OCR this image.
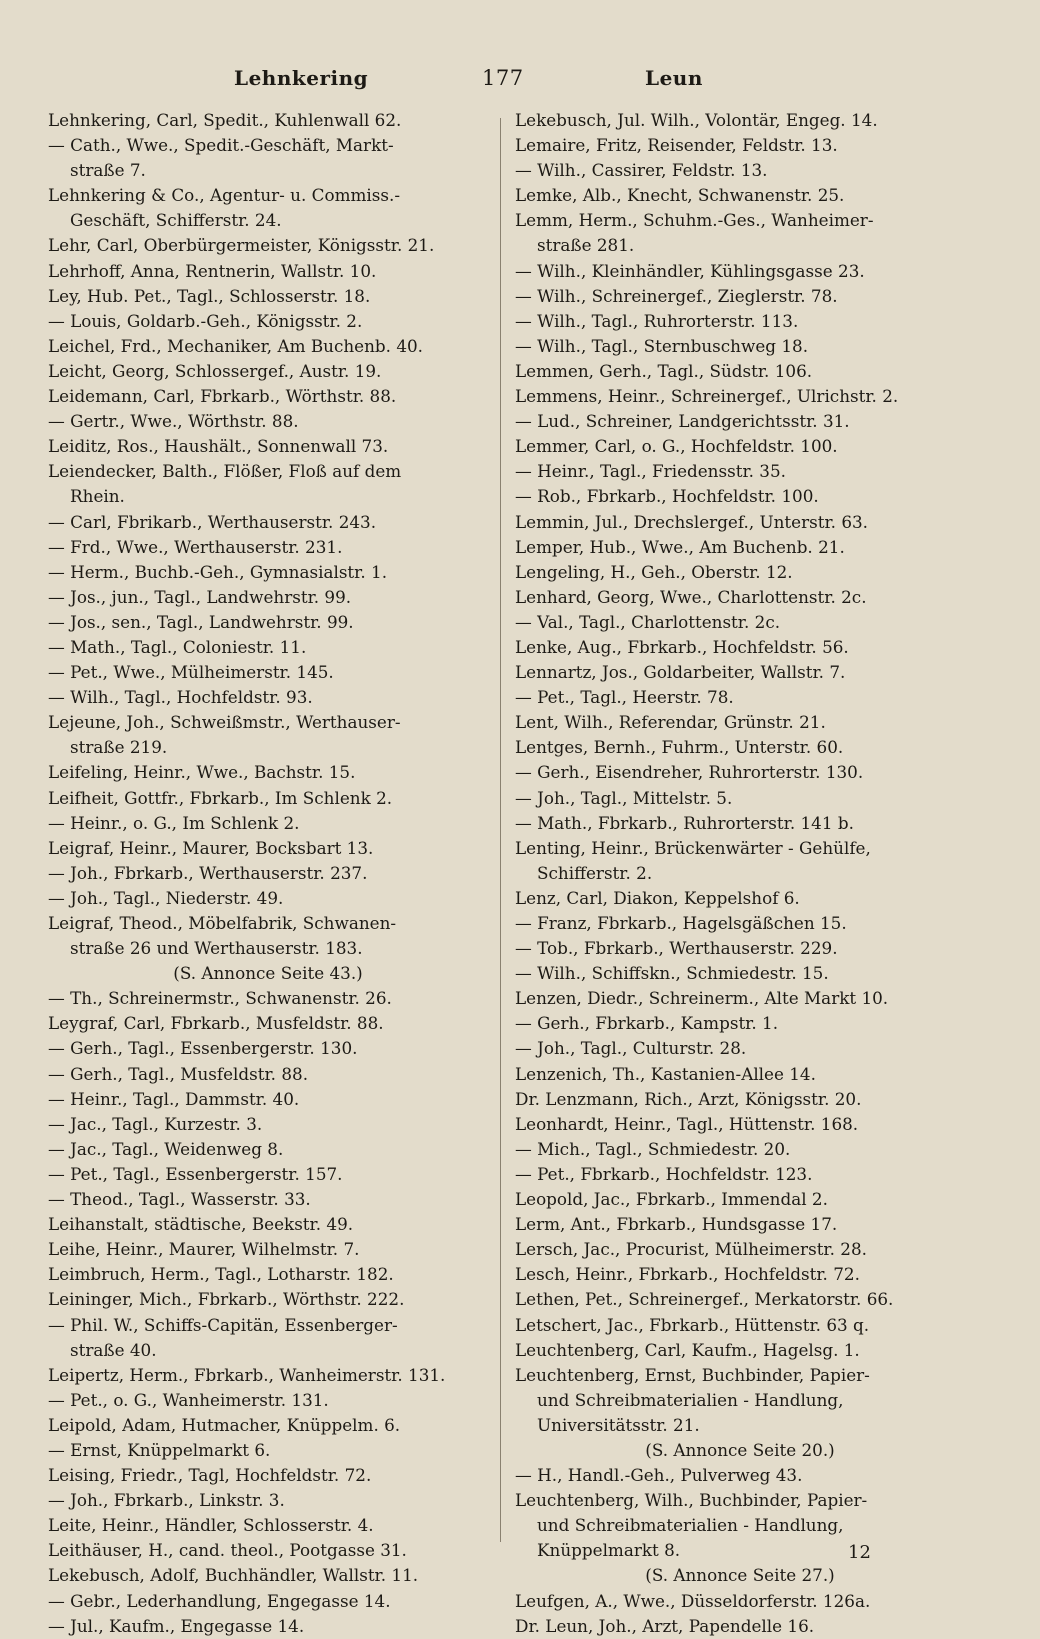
Lehnkering	177	Leun
Lehnkering, Carl, Spedit., Kuhlenwall 62.
— Cath., Wwe., Spedit.-Geschäft, Markt-
straße 7.
Lehnkering & Co., Agentur- u. Commiss.-
Geschäft, Schifferstr. 24.
Lehr, Carl, Oberbürgermeister, Königsstr. 21.
Lehrhoff, Anna, Rentnerin, Wallstr. 10.
Ley, Hub. Pet., Tagl., Schlosserstr. 18.
— Louis, Goldarb.-Geh., Königsstr. 2.
Leichel, Frd., Mechaniker, Am Buchenb. 40.
Leicht, Georg, Schlossergef., Austr. 19.
Leidemann, Carl, Fbrkarb., Wörthstr. 88.
— Gertr., Wwe., Wörthstr. 88.
Leiditz, Ros., Haushält., Sonnenwall 73.
Leiendecker, Balth., Flößer, Floß auf dem
Rhein.
— Carl, Fbrikarb., Werthauserstr. 243.
— Frd., Wwe., Werthauserstr. 231.
— Herm., Buchb.-Geh., Gymnasialstr. 1.
— Jos., jun., Tagl., Landwehrstr. 99.
— Jos., sen., Tagl., Landwehrstr. 99.
— Math., Tagl., Coloniestr. 11.
— Pet., Wwe., Mülheimerstr. 145.
— Wilh., Tagl., Hochfeldstr. 93.
Lejeune, Joh., Schweißmstr., Werthauser-
straße 219.
Leifeling, Heinr., Wwe., Bachstr. 15.
Leifheit, Gottfr., Fbrkarb., Im Schlenk 2.
— Heinr., o. G., Im Schlenk 2.
Leigraf, Heinr., Maurer, Bocksbart 13.
— Joh., Fbrkarb., Werthauserstr. 237.
— Joh., Tagl., Niederstr. 49.
Leigraf, Theod., Möbelfabrik, Schwanen-
straße 26 und Werthauserstr. 183.
(S. Annonce Seite 43.)
— Th., Schreinermstr., Schwanenstr. 26.
Leygraf, Carl, Fbrkarb., Musfeldstr. 88.
— Gerh., Tagl., Essenbergerstr. 130.
— Gerh., Tagl., Musfeldstr. 88.
— Heinr., Tagl., Dammstr. 40.
— Jac., Tagl., Kurzestr. 3.
— Jac., Tagl., Weidenweg 8.
— Pet., Tagl., Essenbergerstr. 157.
— Theod., Tagl., Wasserstr. 33.
Leihanstalt, städtische, Beekstr. 49.
Leihe, Heinr., Maurer, Wilhelmstr. 7.
Leimbruch, Herm., Tagl., Lotharstr. 182.
Leininger, Mich., Fbrkarb., Wörthstr. 222.
— Phil. W., Schiffs-Capitän, Essenberger-
straße 40.
Leipertz, Herm., Fbrkarb., Wanheimerstr. 131.
— Pet., o. G., Wanheimerstr. 131.
Leipold, Adam, Hutmacher, Knüppelm. 6.
— Ernst, Knüppelmarkt 6.
Leising, Friedr., Tagl, Hochfeldstr. 72.
— Joh., Fbrkarb., Linkstr. 3.
Leite, Heinr., Händler, Schlosserstr. 4.
Leithäuser, H., cand. theol., Pootgasse 31.
Lekebusch, Adolf, Buchhändler, Wallstr. 11.
— Gebr., Lederhandlung, Engegasse 14.
— Jul., Kaufm., Engegasse 14.
Lekebusch, Jul. Wilh., Volontär, Engeg. 14.
Lemaire, Fritz, Reisender, Feldstr. 13.
— Wilh., Cassirer, Feldstr. 13.
Lemke, Alb., Knecht, Schwanenstr. 25.
Lemm, Herm., Schuhm.-Ges., Wanheimer-
straße 281.
— Wilh., Kleinhändler, Kühlingsgasse 23.
— Wilh., Schreinergef., Zieglerstr. 78.
— Wilh., Tagl., Ruhrorterstr. 113.
— Wilh., Tagl., Sternbuschweg 18.
Lemmen, Gerh., Tagl., Südstr. 106.
Lemmens, Heinr., Schreinergef., Ulrichstr. 2.
— Lud., Schreiner, Landgerichtsstr. 31.
Lemmer, Carl, o. G., Hochfeldstr. 100.
— Heinr., Tagl., Friedensstr. 35.
— Rob., Fbrkarb., Hochfeldstr. 100.
Lemmin, Jul., Drechslergef., Unterstr. 63.
Lemper, Hub., Wwe., Am Buchenb. 21.
Lengeling, H., Geh., Oberstr. 12.
Lenhard, Georg, Wwe., Charlottenstr. 2c.
— Val., Tagl., Charlottenstr. 2c.
Lenke, Aug., Fbrkarb., Hochfeldstr. 56.
Lennartz, Jos., Goldarbeiter, Wallstr. 7.
— Pet., Tagl., Heerstr. 78.
Lent, Wilh., Referendar, Grünstr. 21.
Lentges, Bernh., Fuhrm., Unterstr. 60.
— Gerh., Eisendreher, Ruhrorterstr. 130.
— Joh., Tagl., Mittelstr. 5.
— Math., Fbrkarb., Ruhrorterstr. 141 b.
Lenting, Heinr., Brückenwärter - Gehülfe,
Schifferstr. 2.
Lenz, Carl, Diakon, Keppelshof 6.
— Franz, Fbrkarb., Hagelsgäßchen 15.
— Tob., Fbrkarb., Werthauserstr. 229.
— Wilh., Schiffskn., Schmiedestr. 15.
Lenzen, Diedr., Schreinerm., Alte Markt 10.
— Gerh., Fbrkarb., Kampstr. 1.
— Joh., Tagl., Culturstr. 28.
Lenzenich, Th., Kastanien-Allee 14.
Dr. Lenzmann, Rich., Arzt, Königsstr. 20.
Leonhardt, Heinr., Tagl., Hüttenstr. 168.
— Mich., Tagl., Schmiedestr. 20.
— Pet., Fbrkarb., Hochfeldstr. 123.
Leopold, Jac., Fbrkarb., Immendal 2.
Lerm, Ant., Fbrkarb., Hundsgasse 17.
Lersch, Jac., Procurist, Mülheimerstr. 28.
Lesch, Heinr., Fbrkarb., Hochfeldstr. 72.
Lethen, Pet., Schreinergef., Merkatorstr. 66.
Letschert, Jac., Fbrkarb., Hüttenstr. 63 q.
Leuchtenberg, Carl, Kaufm., Hagelsg. 1.
Leuchtenberg, Ernst, Buchbinder, Papier-
und Schreibmaterialien - Handlung,
Universitätsstr. 21.
(S. Annonce Seite 20.)
— H., Handl.-Geh., Pulverweg 43.
Leuchtenberg, Wilh., Buchbinder, Papier-
und Schreibmaterialien - Handlung,
Knüppelmarkt 8.
(S. Annonce Seite 27.)
Leufgen, A., Wwe., Düsseldorferstr. 126a.
Dr. Leun, Joh., Arzt, Papendelle 16.
12
